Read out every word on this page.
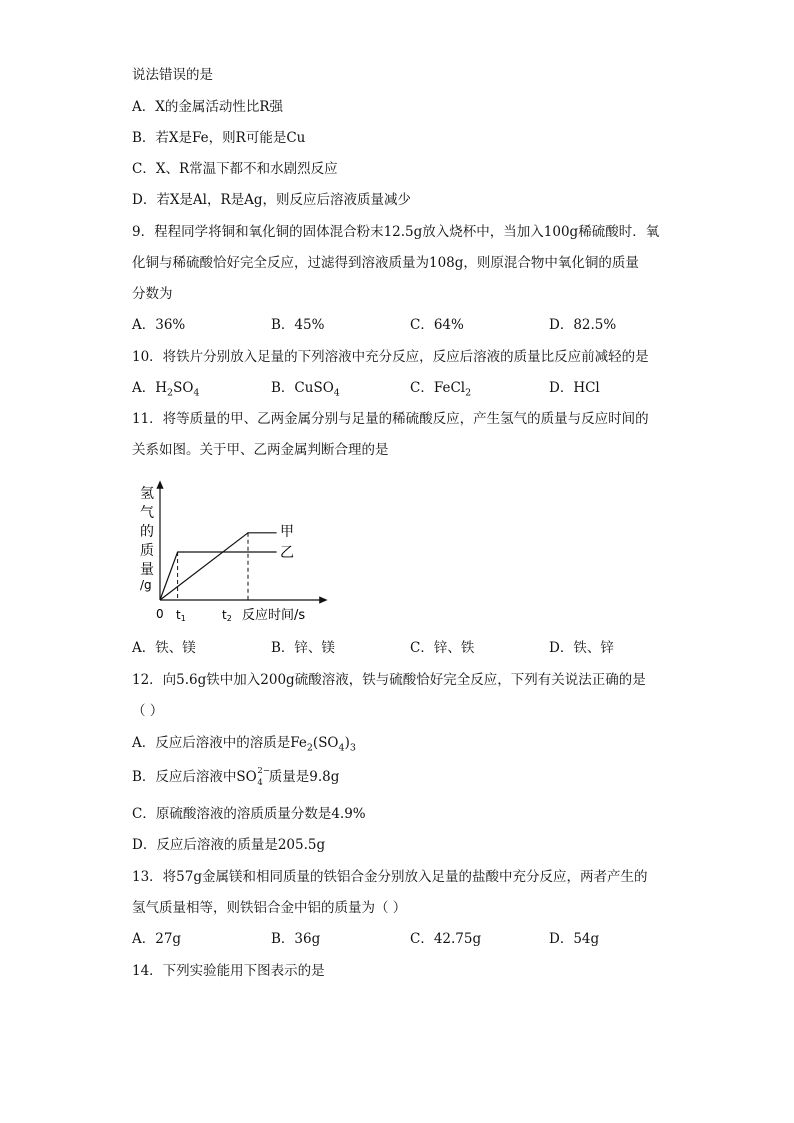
说法错误的是
A．X的金属活动性比R强
B．若X是Fe，则R可能是Cu
C．X、R常温下都不和水剧烈反应
D．若X是Al，R是Ag，则反应后溶液质量减少
9．程程同学将铜和氧化铜的固体混合粉末12.5g放入烧杯中，当加入100g稀硫酸时．氧
化铜与稀硫酸恰好完全反应，过滤得到溶液质量为108g，则原混合物中氧化铜的质量
分数为
A．36%	B．45%	C．64%	D．82.5%
10．将铁片分别放入足量的下列溶液中充分反应，反应后溶液的质量比反应前减轻的是
A．$H_2SO_4$	B．CuSO$_4$	C．FeCl$_2$	D．HCl
11．将等质量的甲、乙两金属分别与足量的稀硫酸反应，产生氢气的质量与反应时间的
关系如图。关于甲、乙两金属判断合理的是
氢
气
的
质
量
/g
0 t1	t2 反应时间/s
甲
乙
A．铁、镁	B．锌、镁	C．锌、铁	D．铁、锌
12．向5.6g铁中加入200g硫酸溶液，铁与硫酸恰好完全反应，下列有关说法正确的是
（ ）
A．反应后溶液中的溶质是$Fe_2(SO_4)_3$
B．反应后溶液中SO 2−
4 质量是9.8g
C．原硫酸溶液的溶质质量分数是4.9%
D．反应后溶液的质量是205.5g
13．将57g金属镁和相同质量的铁铝合金分别放入足量的盐酸中充分反应，两者产生的
氢气质量相等，则铁铝合金中铝的质量为（ ）
A．27g	B．36g	C．42.75g	D．54g
14．下列实验能用下图表示的是
